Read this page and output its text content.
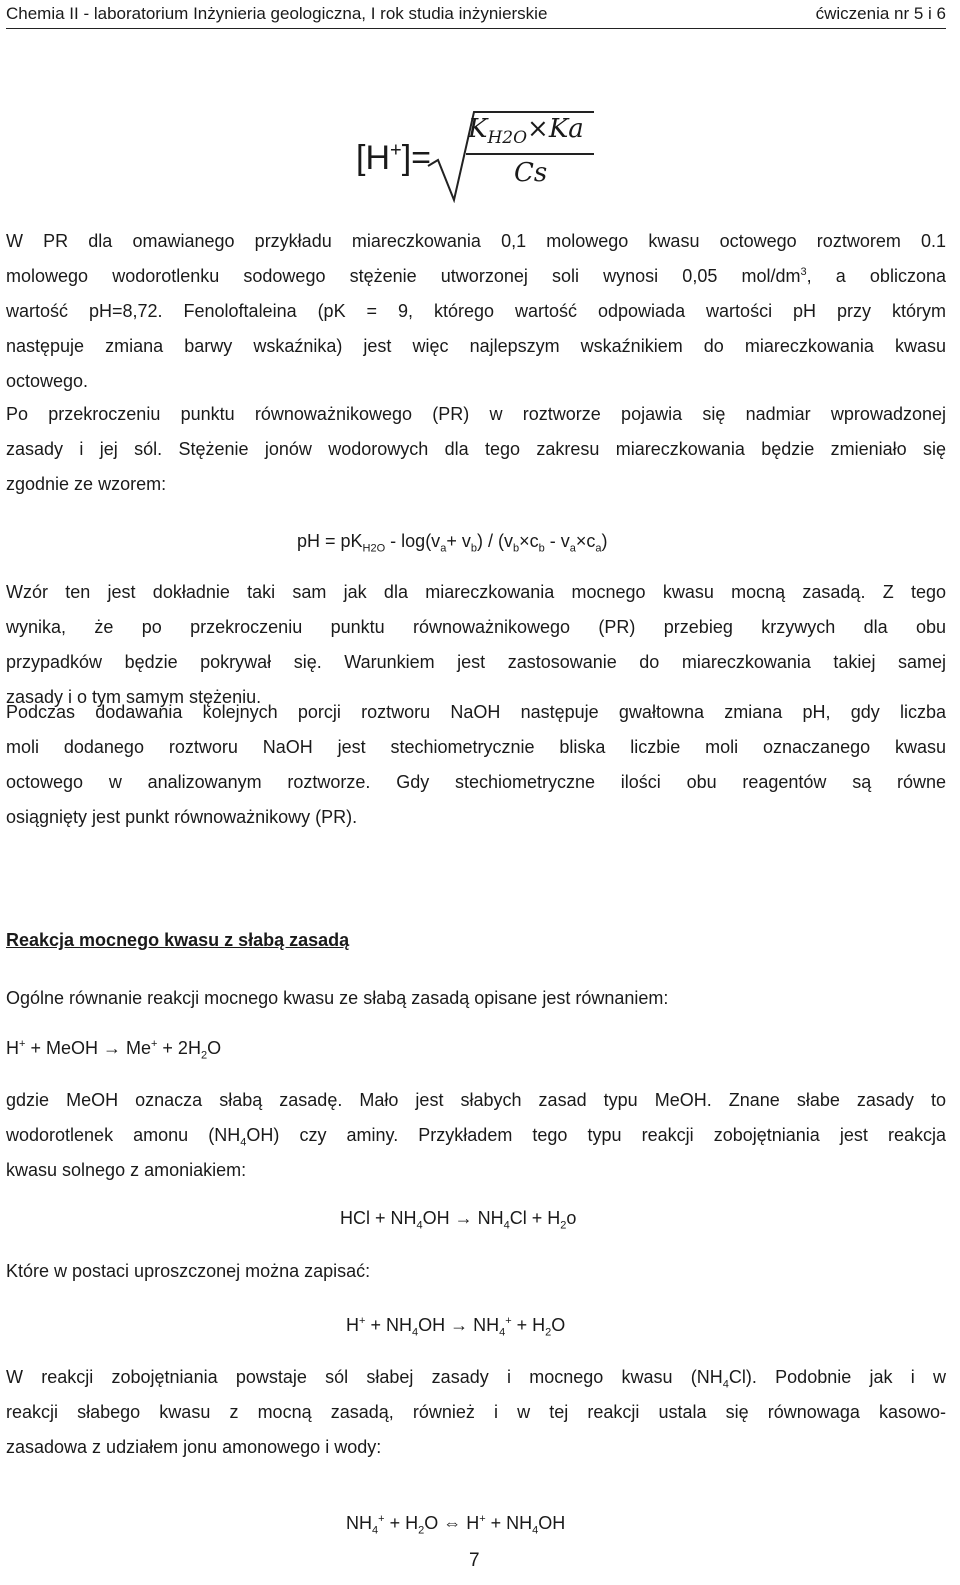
Chemia II - laboratorium Inżynieria geologiczna, I rok studia inżynierskie	ćwiczenia nr 5 i 6
[H+]=
$K_{H2O}\times Ka$
Cs
W PR dla omawianego przykładu miareczkowania 0,1 molowego kwasu octowego roztworem 0.1
molowego wodorotlenku sodowego stężenie utworzonej soli wynosi 0,05 mol/$dm^3$, a obliczona
wartość pH=8,72. Fenoloftaleina (pK = 9, którego wartość odpowiada wartości pH przy którym
następuje zmiana barwy wskaźnika) jest więc najlepszym wskaźnikiem do miareczkowania kwasu
octowego.
Po przekroczeniu punktu równoważnikowego (PR) w roztworze pojawia się nadmiar wprowadzonej
zasady i jej sól. Stężenie jonów wodorowych dla tego zakresu miareczkowania będzie zmieniało się
zgodnie ze wzorem:
pH = $pK_{H2O} - \log(v_a+ v_b) / (v_b\times c_b - v_a\times c_a)$
Wzór ten jest dokładnie taki sam jak dla miareczkowania mocnego kwasu mocną zasadą. Z tego
wynika, że po przekroczeniu punktu równoważnikowego (PR) przebieg krzywych dla obu
przypadków będzie pokrywał się. Warunkiem jest zastosowanie do miareczkowania takiej samej
zasady i o tym samym stężeniu.
Podczas dodawania kolejnych porcji roztworu NaOH następuje gwałtowna zmiana pH, gdy liczba
moli dodanego roztworu NaOH jest stechiometrycznie bliska liczbie moli oznaczanego kwasu
octowego w analizowanym roztworze. Gdy stechiometryczne ilości obu reagentów są równe
osiągnięty jest punkt równoważnikowy (PR).
Reakcja mocnego kwasu z słabą zasadą
Ogólne równanie reakcji mocnego kwasu ze słabą zasadą opisane jest równaniem:
H+ + MeOH → $Me^+ + 2H_2O$
gdzie MeOH oznacza słabą zasadę. Mało jest słabych zasad typu MeOH. Znane słabe zasady to
wodorotlenek amonu $(NH_4OH)$ czy aminy. Przykładem tego typu reakcji zobojętniania jest reakcja
kwasu solnego z amoniakiem:
HCl + $NH_4OH \to NH_4Cl + H_2o$
Które w postaci uproszczonej można zapisać:
$H^+ + NH_4OH \to NH_4^+ + H_2O$
W reakcji zobojętniania powstaje sól słabej zasady i mocnego kwasu $(NH_4Cl)$. Podobnie jak i w
reakcji słabego kwasu z mocną zasadą, również i w tej reakcji ustala się równowaga kasowo-
zasadowa z udziałem jonu amonowego i wody:
$NH_4^+ + H_2O$ ⇔ $H^+ + NH_4OH$
7
